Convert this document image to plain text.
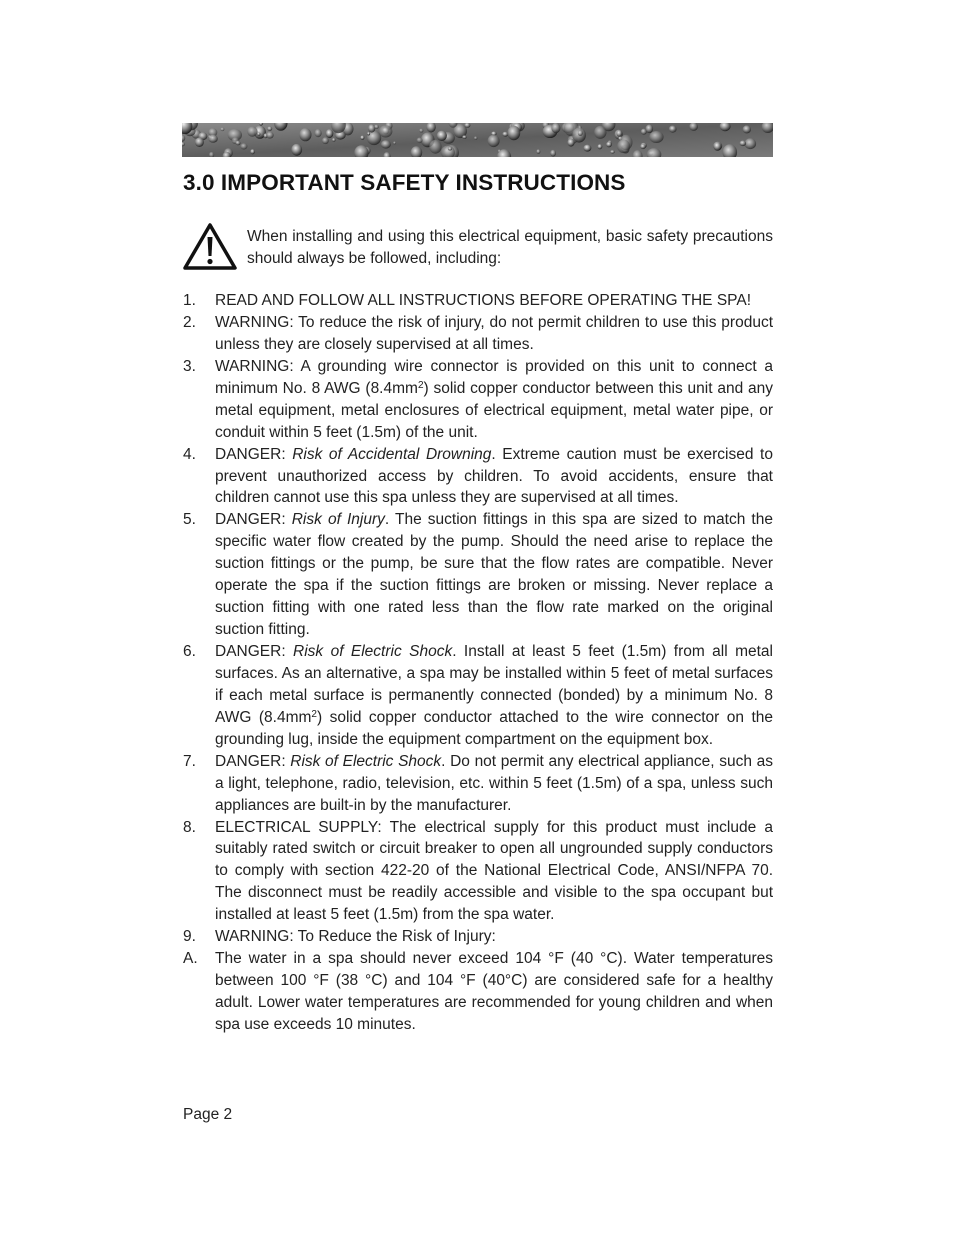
3.0 IMPORTANT SAFETY INSTRUCTIONS

When installing and using this electrical equipment, basic safety precautions should always be followed, including:

1. READ AND FOLLOW ALL INSTRUCTIONS BEFORE OPERATING THE SPA!
2. WARNING: To reduce the risk of injury, do not permit children to use this product unless they are closely supervised at all times.
3. WARNING: A grounding wire connector is provided on this unit to connect a minimum No. 8 AWG $(8.4mm^2)$ solid copper conductor between this unit and any metal equipment, metal enclosures of electrical equipment, metal water pipe, or conduit within 5 feet (1.5m) of the unit.
4. DANGER: Risk of Accidental Drowning. Extreme caution must be exercised to prevent unauthorized access by children. To avoid accidents, ensure that children cannot use this spa unless they are supervised at all times.
5. DANGER: Risk of Injury. The suction fittings in this spa are sized to match the specific water flow created by the pump. Should the need arise to replace the suction fittings or the pump, be sure that the flow rates are compatible. Never operate the spa if the suction fittings are broken or missing. Never replace a suction fitting with one rated less than the flow rate marked on the original suction fitting.
6. DANGER: Risk of Electric Shock. Install at least 5 feet (1.5m) from all metal surfaces. As an alternative, a spa may be installed within 5 feet of metal surfaces if each metal surface is permanently connected (bonded) by a minimum No. 8 AWG $(8.4mm^2)$ solid copper conductor attached to the wire connector on the grounding lug, inside the equipment compartment on the equipment box.
7. DANGER: Risk of Electric Shock. Do not permit any electrical appliance, such as a light, telephone, radio, television, etc. within 5 feet (1.5m) of a spa, unless such appliances are built-in by the manufacturer.
8. ELECTRICAL SUPPLY: The electrical supply for this product must include a suitably rated switch or circuit breaker to open all ungrounded supply conductors to comply with section 422-20 of the National Electrical Code, ANSI/NFPA 70. The disconnect must be readily accessible and visible to the spa occupant but installed at least 5 feet (1.5m) from the spa water.
9. WARNING: To Reduce the Risk of Injury:
A. The water in a spa should never exceed 104 °F (40 °C). Water temperatures between 100 °F (38 °C) and 104 °F (40°C) are considered safe for a healthy adult. Lower water temperatures are recommended for young children and when spa use exceeds 10 minutes.
Page 2
